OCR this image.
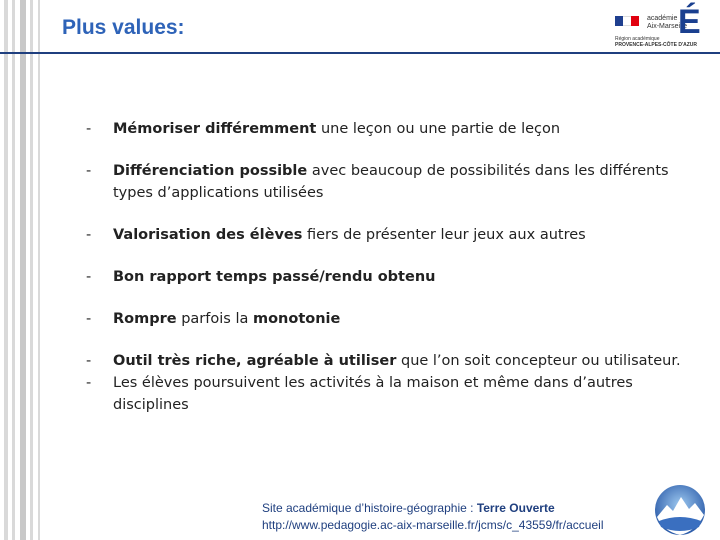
Plus values:	académie
Aix-Marseille
É
Région académique
PROVENCE-ALPES-CÔTE D'AZUR
- Mémoriser différemment une leçon ou une partie de leçon
- Différenciation possible avec beaucoup de possibilités dans les différents types d’applications utilisées
- Valorisation des élèves fiers de présenter leur jeux aux autres
- Bon rapport temps passé/rendu obtenu
- Rompre parfois la monotonie
- Outil très riche, agréable à utiliser que l’on soit concepteur ou utilisateur.
- Les élèves poursuivent les activités à la maison et même dans d’autres disciplines
Site académique d’histoire-géographie : Terre Ouverte
http://www.pedagogie.ac-aix-marseille.fr/jcms/c_43559/fr/accueil
